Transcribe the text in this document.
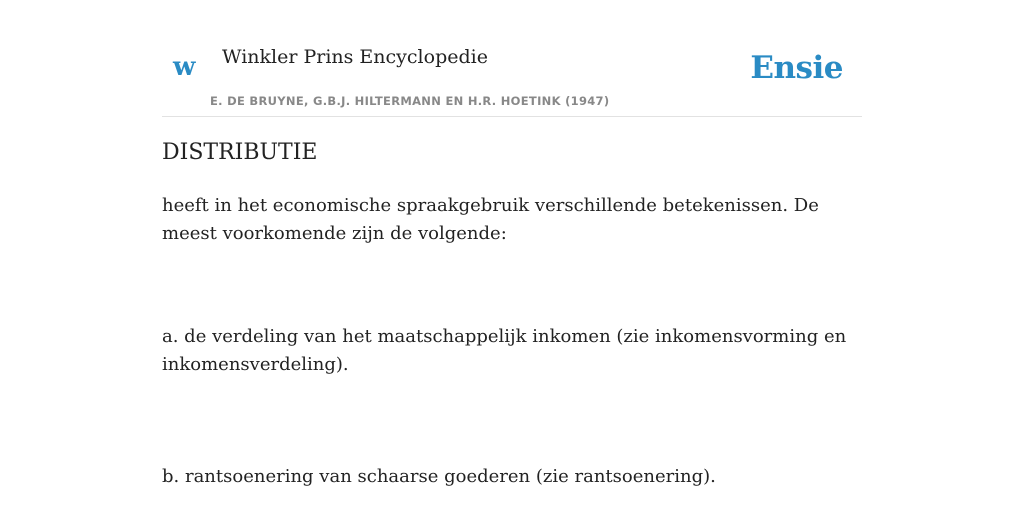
w Winkler Prins Encyclopedie
E. DE BRUYNE, G.B.J. HILTERMANN EN H.R. HOETINK (1947)
Ensie
DISTRIBUTIE

heeft in het economische spraakgebruik verschillende betekenissen. De meest voorkomende zijn de volgende:

a. de verdeling van het maatschappelijk inkomen (zie inkomensvorming en inkomensverdeling).

b. rantsoenering van schaarse goederen (zie rantsoenering).
